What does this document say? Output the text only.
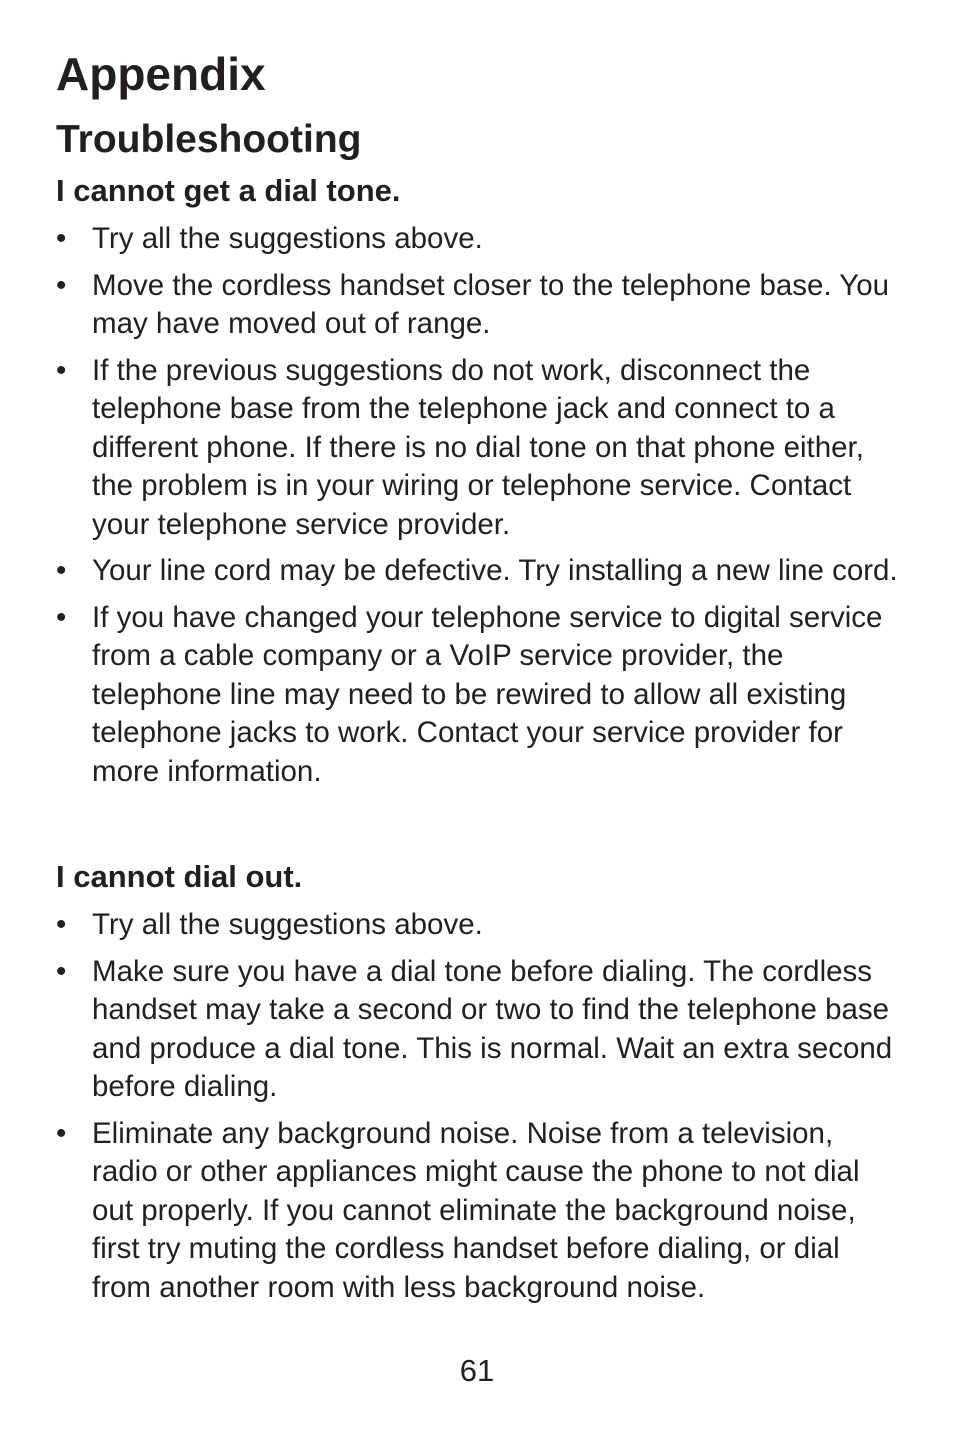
Appendix
Troubleshooting
I cannot get a dial tone.
• Try all the suggestions above.
• Move the cordless handset closer to the telephone base. You may have moved out of range.
• If the previous suggestions do not work, disconnect the telephone base from the telephone jack and connect to a different phone. If there is no dial tone on that phone either, the problem is in your wiring or telephone service. Contact your telephone service provider.
• Your line cord may be defective. Try installing a new line cord.
• If you have changed your telephone service to digital service from a cable company or a VoIP service provider, the telephone line may need to be rewired to allow all existing telephone jacks to work. Contact your service provider for more information.
I cannot dial out.
• Try all the suggestions above.
• Make sure you have a dial tone before dialing. The cordless handset may take a second or two to find the telephone base and produce a dial tone. This is normal. Wait an extra second before dialing.
• Eliminate any background noise. Noise from a television, radio or other appliances might cause the phone to not dial out properly. If you cannot eliminate the background noise, first try muting the cordless handset before dialing, or dial from another room with less background noise.
61
